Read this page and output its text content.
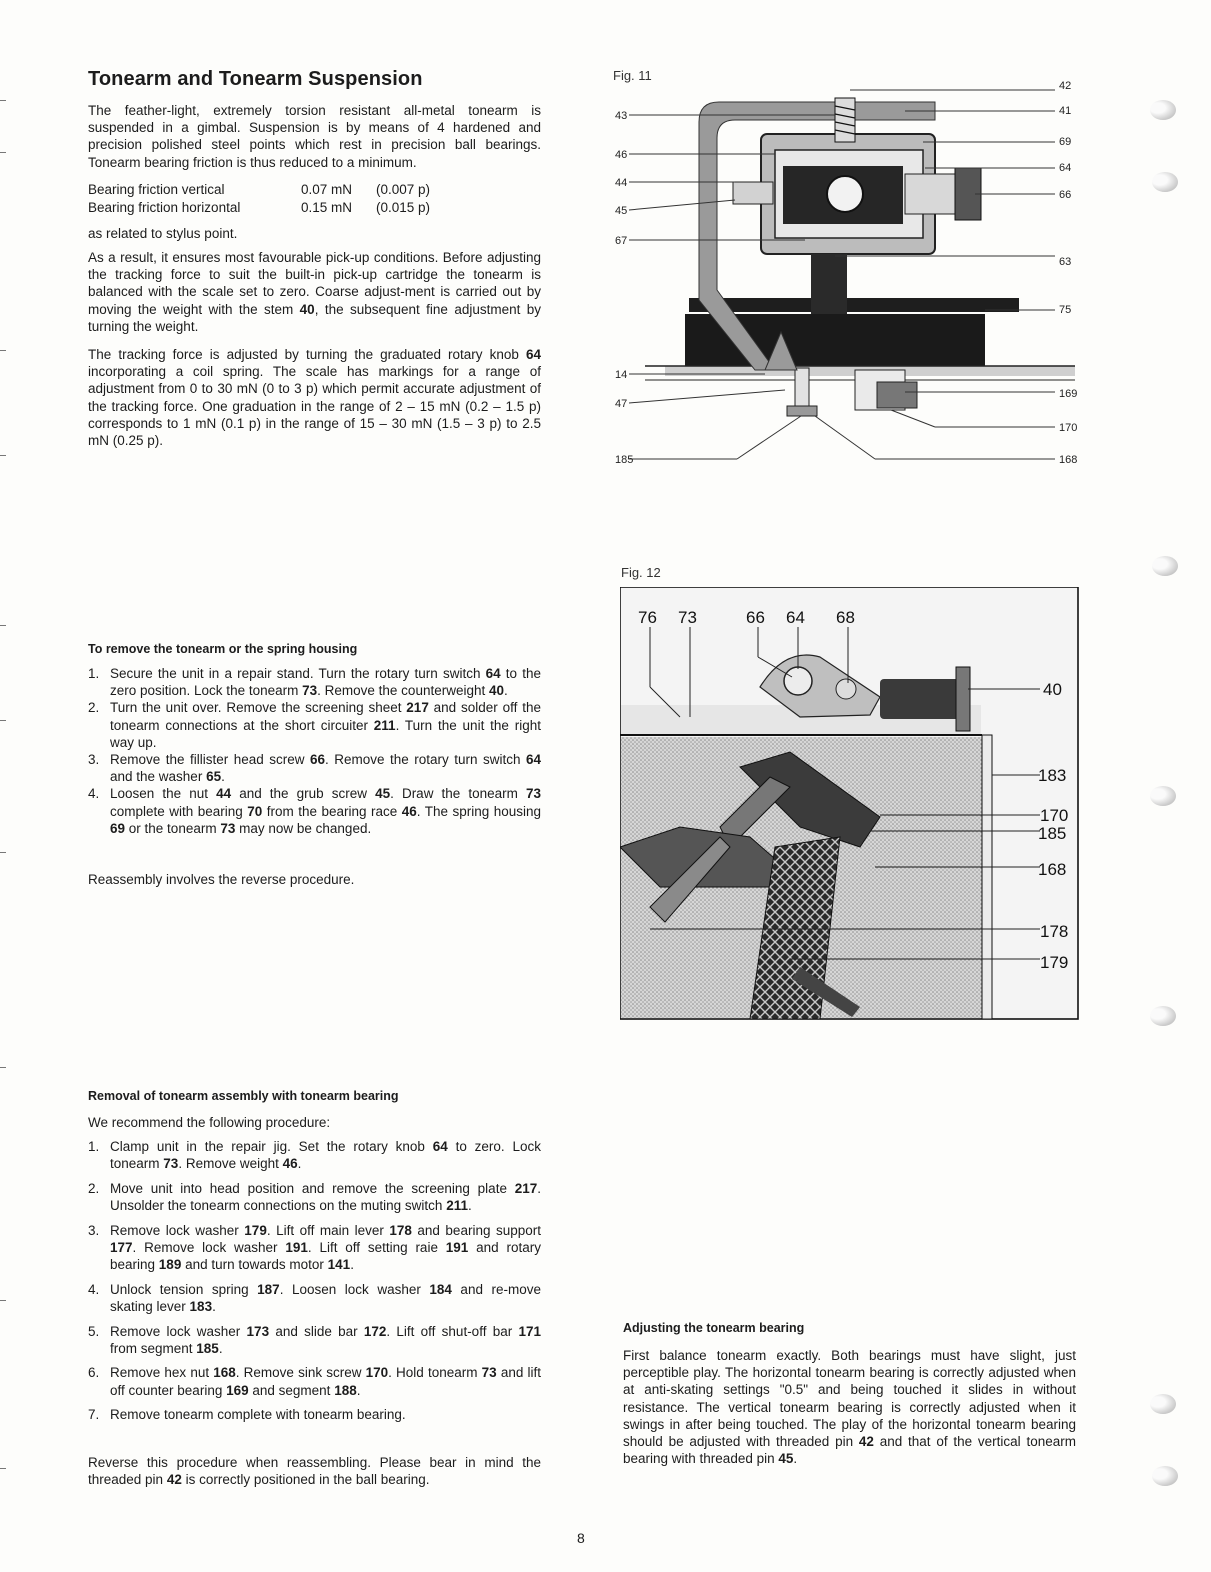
Tonearm and Tonearm Suspension

The feather-light, extremely torsion resistant all-metal tonearm is suspended in a gimbal. Suspension is by means of 4 hardened and precision polished steel points which rest in precision ball bearings. Tonearm bearing friction is thus reduced to a minimum.

Bearing friction vertical	0.07 mN (0.007 p)
Bearing friction horizontal	0.15 mN (0.015 p)

as related to stylus point.

As a result, it ensures most favourable pick-up conditions. Before adjusting the tracking force to suit the built-in pick-up cartridge the tonearm is balanced with the scale set to zero. Coarse adjust-ment is carried out by moving the weight with the stem 40, the subsequent fine adjustment by turning the weight.

The tracking force is adjusted by turning the graduated rotary knob 64 incorporating a coil spring. The scale has markings for a range of adjustment from 0 to 30 mN (0 to 3 p) which permit accurate adjustment of the tracking force. One graduation in the range of 2 – 15 mN (0.2 – 1.5 p) corresponds to 1 mN (0.1 p) in the range of 15 – 30 mN (1.5 – 3 p) to 2.5 mN (0.25 p).

To remove the tonearm or the spring housing
1. Secure the unit in a repair stand. Turn the rotary turn switch 64 to the zero position. Lock the tonearm 73. Remove the counterweight 40.
2. Turn the unit over. Remove the screening sheet 217 and solder off the tonearm connections at the short circuiter 211. Turn the unit the right way up.
3. Remove the fillister head screw 66. Remove the rotary turn switch 64 and the washer 65.
4. Loosen the nut 44 and the grub screw 45. Draw the tonearm 73 complete with bearing 70 from the bearing race 46. The spring housing 69 or the tonearm 73 may now be changed.

Reassembly involves the reverse procedure.

Removal of tonearm assembly with tonearm bearing

We recommend the following procedure:

1. Clamp unit in the repair jig. Set the rotary knob 64 to zero. Lock tonearm 73. Remove weight 46.
2. Move unit into head position and remove the screening plate 217. Unsolder the tonearm connections on the muting switch 211.
3. Remove lock washer 179. Lift off main lever 178 and bearing support 177. Remove lock washer 191. Lift off setting raie 191 and rotary bearing 189 and turn towards motor 141.
4. Unlock tension spring 187. Loosen lock washer 184 and re-move skating lever 183.
5. Remove lock washer 173 and slide bar 172. Lift off shut-off bar 171 from segment 185.
6. Remove hex nut 168. Remove sink screw 170. Hold tonearm 73 and lift off counter bearing 169 and segment 188.
7. Remove tonearm complete with tonearm bearing.

Reverse this procedure when reassembling. Please bear in mind the threaded pin 42 is correctly positioned in the ball bearing.

Adjusting the tonearm bearing

First balance tonearm exactly. Both bearings must have slight, just perceptible play. The horizontal tonearm bearing is correctly adjusted when at anti-skating settings "0.5" and being touched it slides in without resistance. The vertical tonearm bearing is correctly adjusted when it swings in after being touched. The play of the horizontal tonearm bearing should be adjusted with threaded pin 42 and that of the vertical tonearm bearing with threaded pin 45.

Fig. 11
43
46
44
45
67
14
47
185
42
41
69
64
66
63
75
169
170
168
Fig. 12
76 73	66 64 68
40
183
170
185
168
178
179
8
